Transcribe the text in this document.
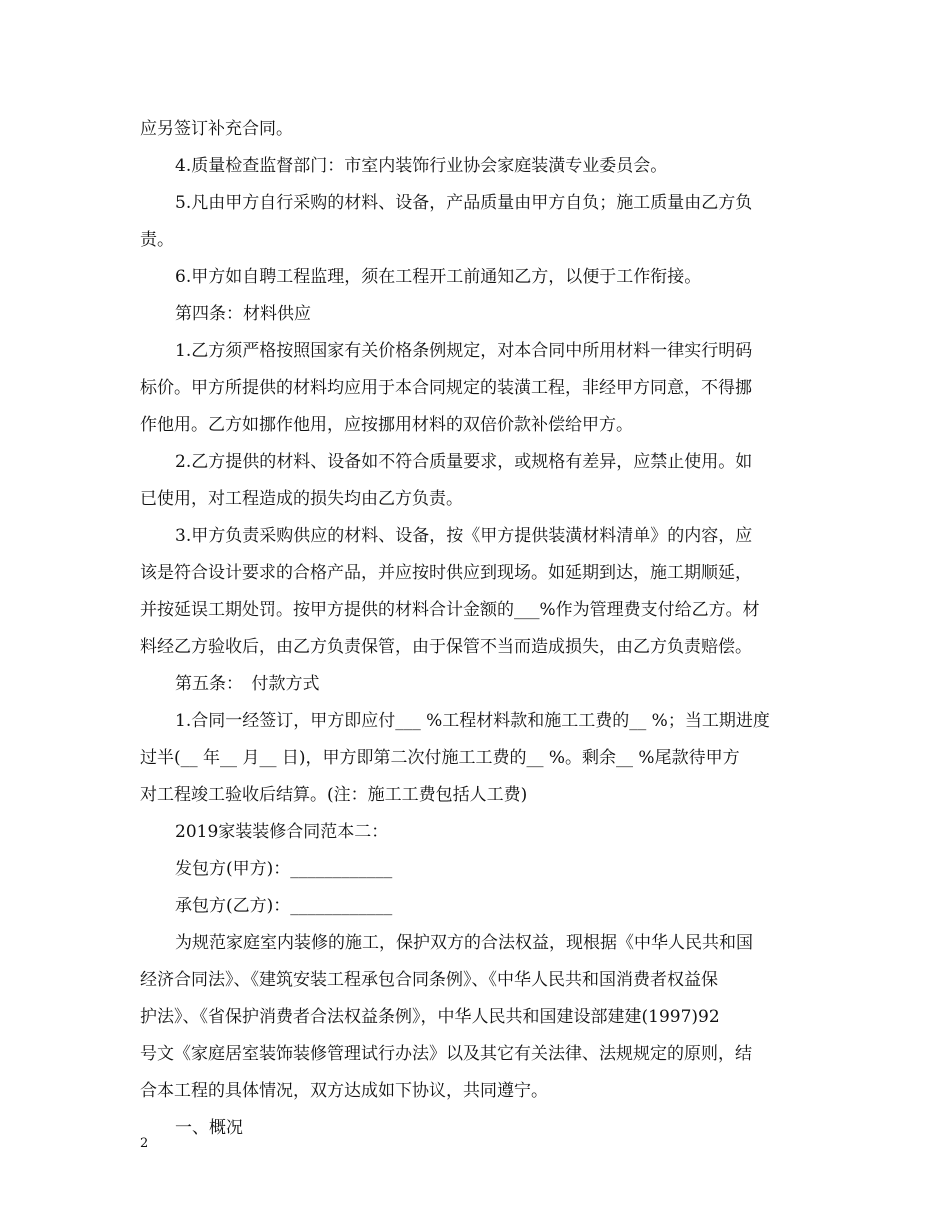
应另签订补充合同。
4.质量检查监督部门：市室内装饰行业协会家庭装潢专业委员会。
5.凡由甲方自行采购的材料、设备，产品质量由甲方自负；施工质量由乙方负
责。
6.甲方如自聘工程监理，须在工程开工前通知乙方，以便于工作衔接。
第四条：材料供应
1.乙方须严格按照国家有关价格条例规定，对本合同中所用材料一律实行明码
标价。甲方所提供的材料均应用于本合同规定的装潢工程，非经甲方同意，不得挪
作他用。乙方如挪作他用，应按挪用材料的双倍价款补偿给甲方。
2.乙方提供的材料、设备如不符合质量要求，或规格有差异，应禁止使用。如
已使用，对工程造成的损失均由乙方负责。
3.甲方负责采购供应的材料、设备，按《甲方提供装潢材料清单》的内容，应
该是符合设计要求的合格产品，并应按时供应到现场。如延期到达，施工期顺延，
并按延误工期处罚。按甲方提供的材料合计金额的___%作为管理费支付给乙方。材
料经乙方验收后，由乙方负责保管，由于保管不当而造成损失，由乙方负责赔偿。
第五条：　付款方式
1.合同一经签订，甲方即应付___ %工程材料款和施工工费的__ %；当工期进度
过半(__ 年__ 月__ 日)，甲方即第二次付施工工费的__ %。剩余__ %尾款待甲方
对工程竣工验收后结算。(注：施工工费包括人工费)
2019家装装修合同范本二：
发包方(甲方)：____________
承包方(乙方)：____________
为规范家庭室内装修的施工，保护双方的合法权益，现根据《中华人民共和国
经济合同法》、《建筑安装工程承包合同条例》、《中华人民共和国消费者权益保
护法》、《省保护消费者合法权益条例》，中华人民共和国建设部建建(1997)92
号文《家庭居室装饰装修管理试行办法》以及其它有关法律、法规规定的原则，结
合本工程的具体情况，双方达成如下协议，共同遵宁。
一、概况
2
